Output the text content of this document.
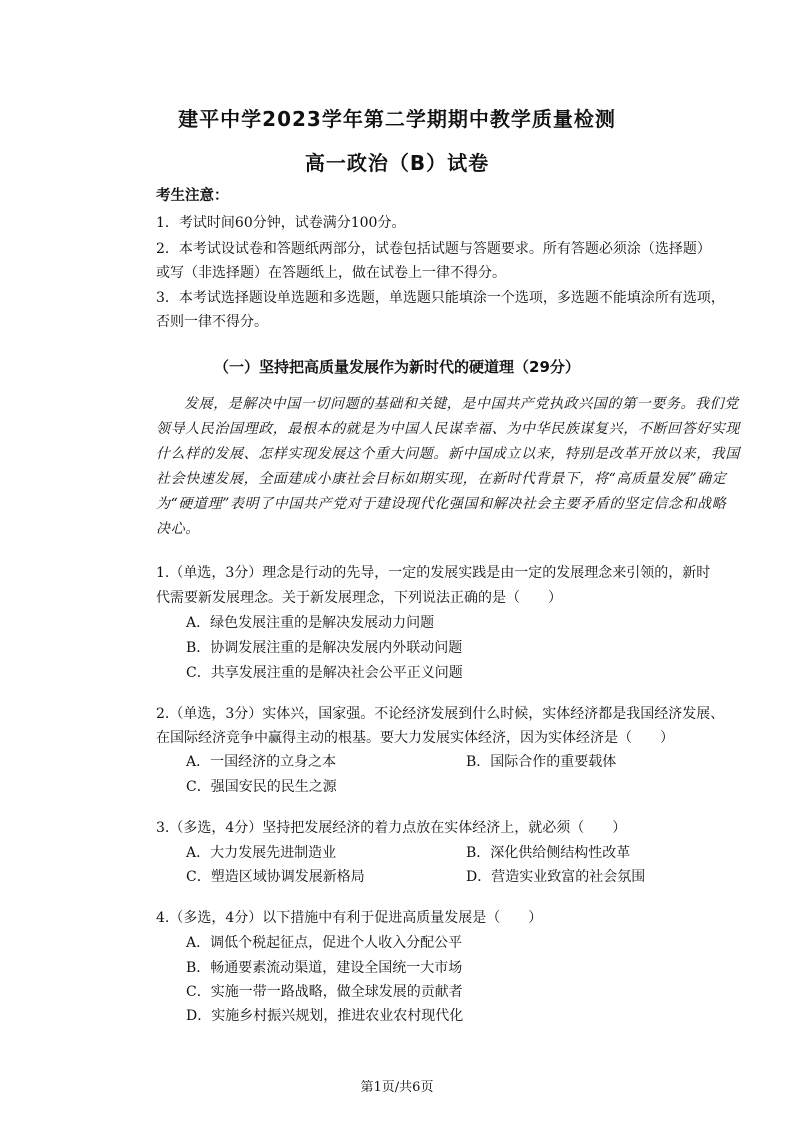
建平中学2023学年第二学期期中教学质量检测
高一政治（B）试卷
考生注意：
1．考试时间60分钟，试卷满分100分。
2．本考试设试卷和答题纸两部分，试卷包括试题与答题要求。所有答题必须涂（选择题）
或写（非选择题）在答题纸上，做在试卷上一律不得分。
3．本考试选择题设单选题和多选题，单选题只能填涂一个选项，多选题不能填涂所有选项，
否则一律不得分。
（一）坚持把高质量发展作为新时代的硬道理（29分）
发展，是解决中国一切问题的基础和关键，是中国共产党执政兴国的第一要务。我们党
领导人民治国理政，最根本的就是为中国人民谋幸福、为中华民族谋复兴，不断回答好实现
什么样的发展、怎样实现发展这个重大问题。新中国成立以来，特别是改革开放以来，我国
社会快速发展，全面建成小康社会目标如期实现，在新时代背景下，将“高质量发展”确定
为“硬道理”表明了中国共产党对于建设现代化强国和解决社会主要矛盾的坚定信念和战略
决心。
1.（单选，3分）理念是行动的先导，一定的发展实践是由一定的发展理念来引领的，新时
代需要新发展理念。关于新发展理念，下列说法正确的是（　　）
A．绿色发展注重的是解决发展动力问题
B．协调发展注重的是解决发展内外联动问题
C．共享发展注重的是解决社会公平正义问题
2.（单选，3分）实体兴，国家强。不论经济发展到什么时候，实体经济都是我国经济发展、
在国际经济竞争中赢得主动的根基。要大力发展实体经济，因为实体经济是（　　）
A．一国经济的立身之本	B．国际合作的重要载体
C．强国安民的民生之源
3.（多选，4分）坚持把发展经济的着力点放在实体经济上，就必须（　　）
A．大力发展先进制造业	B．深化供给侧结构性改革
C．塑造区域协调发展新格局	D．营造实业致富的社会氛围
4.（多选，4分）以下措施中有利于促进高质量发展是（　　）
A．调低个税起征点，促进个人收入分配公平
B．畅通要素流动渠道，建设全国统一大市场
C．实施一带一路战略，做全球发展的贡献者
D．实施乡村振兴规划，推进农业农村现代化
第1页/共6页
